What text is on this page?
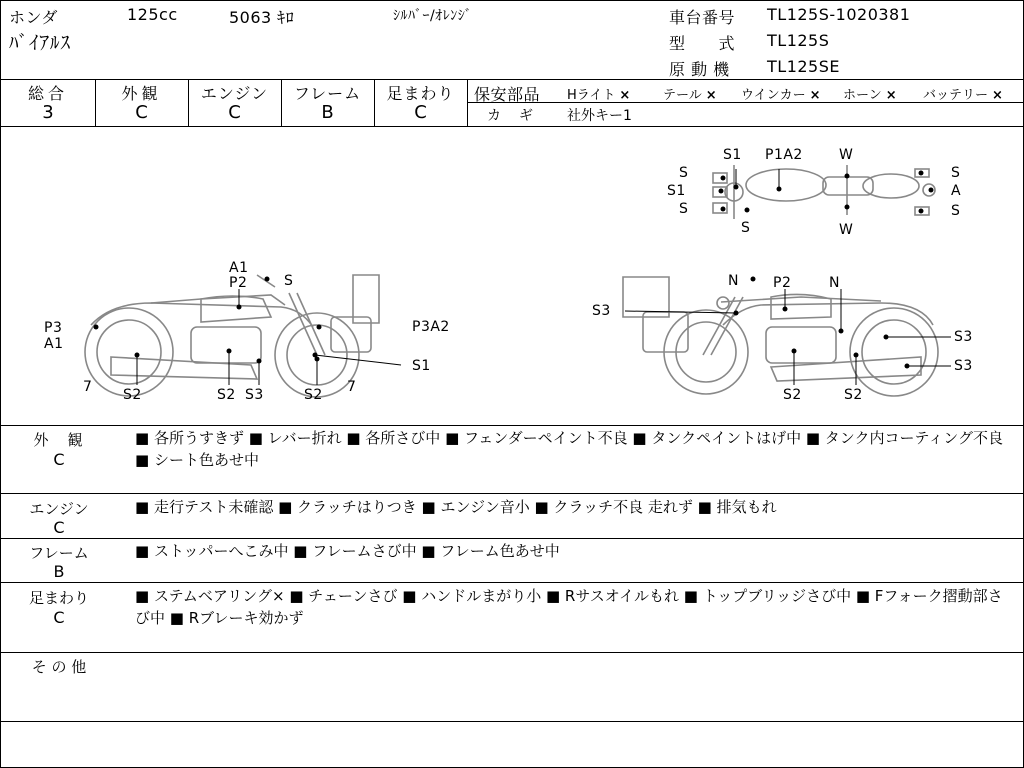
ホンダ
ﾊﾞｲｱﾙｽ
125cc	5063 ｷﾛ	ｼﾙﾊﾞｰ/ｵﾚﾝｼﾞ	車台番号 TL125S-1020381
型　　式 TL125S
原 動 機 TL125SE
総合
3
外観
C
エンジン
C
フレーム
B
足まわり
C
保安部品 Hライト ×	テール × ウインカー × ホーン × バッテリー ×
カ　ギ 社外キー1
S1 P1A2	W
S
S1
S
S
A
S
S	W
A1
P2	S
P3
A1
P3A2
S1
7	7
S2	S2 S3	S2
N P2	N
S3
S3
S3
S2	S2
外　観
C
■ 各所うすきず ■ レバー折れ ■ 各所さび中 ■ フェンダーペイント不良 ■ タンクペイントはげ中 ■ タンク内コーティング不良 ■ シート色あせ中
エンジン
C
■ 走行テスト未確認 ■ クラッチはりつき ■ エンジン音小 ■ クラッチ不良 走れず ■ 排気もれ
フレーム
B
■ ストッパーへこみ中 ■ フレームさび中 ■ フレーム色あせ中
足まわり
C
■ ステムベアリング× ■ チェーンさび ■ ハンドルまがり小 ■ Rサスオイルもれ ■ トップブリッジさび中 ■ Fフォーク摺動部さび中 ■ Rブレーキ効かず
そ の 他
